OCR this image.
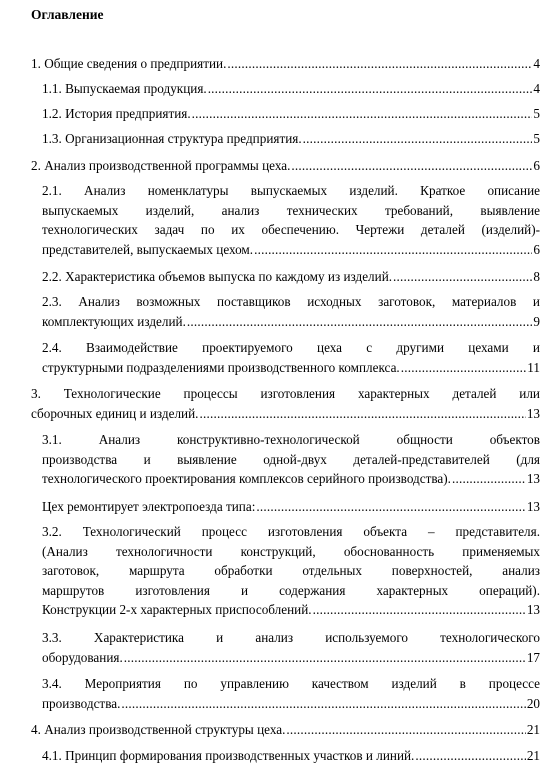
Оглавление
1. Общие сведения о предприятии. .....	4
1.1. Выпускаемая продукция. .....	4
1.2. История предприятия. .....	5
1.3. Организационная структура предприятия. .....	5
2. Анализ производственной программы цеха. .....	6
2.1. Анализ номенклатуры выпускаемых изделий. Краткое описание
выпускаемых изделий, анализ технических требований, выявление
технологических задач по их обеспечению. Чертежи деталей (изделий)-
представителей, выпускаемых цехом. .....	6
2.2. Характеристика объемов выпуска по каждому из изделий. .....	8
2.3. Анализ возможных поставщиков исходных заготовок, материалов и
комплектующих изделий. .....	9
2.4. Взаимодействие проектируемого цеха с другими цехами и
структурными подразделениями производственного комплекса. .....	11
3. Технологические процессы изготовления характерных деталей или
сборочных единиц и изделий. .....	13
3.1. Анализ конструктивно-технологической общности объектов
производства и выявление одной-двух деталей-представителей (для
технологического проектирования комплексов серийного производства). .....	13
Цех ремонтирует электропоезда типа: .....	13
3.2. Технологический процесс изготовления объекта – представителя.
(Анализ технологичности конструкций, обоснованность применяемых
заготовок, маршрута обработки отдельных поверхностей, анализ
маршрутов изготовления и содержания характерных операций).
Конструкции 2-х характерных приспособлений. .....	13
3.3. Характеристика и анализ используемого технологического
оборудования. .....	17
3.4. Мероприятия по управлению качеством изделий в процессе
производства. .....	20
4. Анализ производственной структуры цеха. .....	21
4.1. Принцип формирования производственных участков и линий. .....	21
